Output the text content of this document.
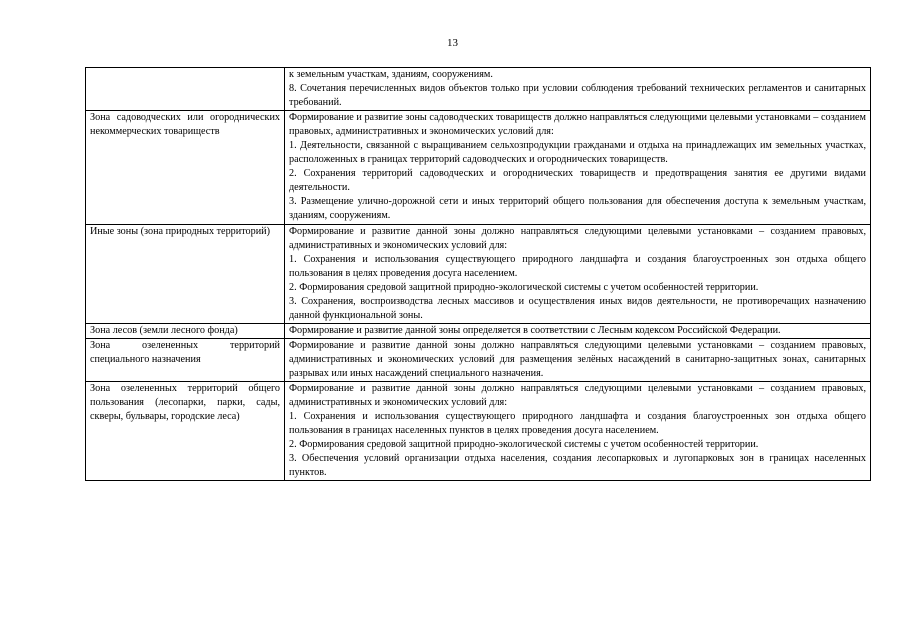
13

	к земельным участкам, зданиям, сооружениям.
8. Сочетания перечисленных видов объектов только при условии соблюдения требований технических регламентов и санитарных требований.

Зона садоводческих или огороднических некоммерческих товариществ	Формирование и развитие зоны садоводческих товариществ должно направляться следующими целевыми установками – созданием правовых, административных и экономических условий для:
1. Деятельности, связанной с выращиванием сельхозпродукции гражданами и отдыха на принадлежащих им земельных участках, расположенных в границах территорий садоводческих и огороднических товариществ.
2. Сохранения территорий садоводческих и огороднических товариществ и предотвращения занятия ее другими видами деятельности.
3. Размещение улично-дорожной сети и иных территорий общего пользования для обеспечения доступа к земельным участкам, зданиям, сооружениям.

Иные зоны (зона природных территорий)	Формирование и развитие данной зоны должно направляться следующими целевыми установками – созданием правовых, административных и экономических условий для:
1. Сохранения и использования существующего природного ландшафта и создания благоустроенных зон отдыха общего пользования в целях проведения досуга населением.
2. Формирования средовой защитной природно-экологической системы с учетом особенностей территории.
3. Сохранения, воспроизводства лесных массивов и осуществления иных видов деятельности, не противоречащих назначению данной функциональной зоны.

Зона лесов (земли лесного фонда)	Формирование и развитие данной зоны определяется в соответствии с Лесным кодексом Российской Федерации.

Зона озелененных территорий специального назначения	Формирование и развитие данной зоны должно направляться следующими целевыми установками – созданием правовых, административных и экономических условий для размещения зелёных насаждений в санитарно-защитных зонах, санитарных разрывах или иных насаждений специального назначения.

Зона озелененных территорий общего пользования (лесопарки, парки, сады, скверы, бульвары, городские леса)	Формирование и развитие данной зоны должно направляться следующими целевыми установками – созданием правовых, административных и экономических условий для:
1. Сохранения и использования существующего природного ландшафта и создания благоустроенных зон отдыха общего пользования в границах населенных пунктов в целях проведения досуга населением.
2. Формирования средовой защитной природно-экологической системы с учетом особенностей территории.
3. Обеспечения условий организации отдыха населения, создания лесопарковых и лугопарковых зон в границах населенных пунктов.
